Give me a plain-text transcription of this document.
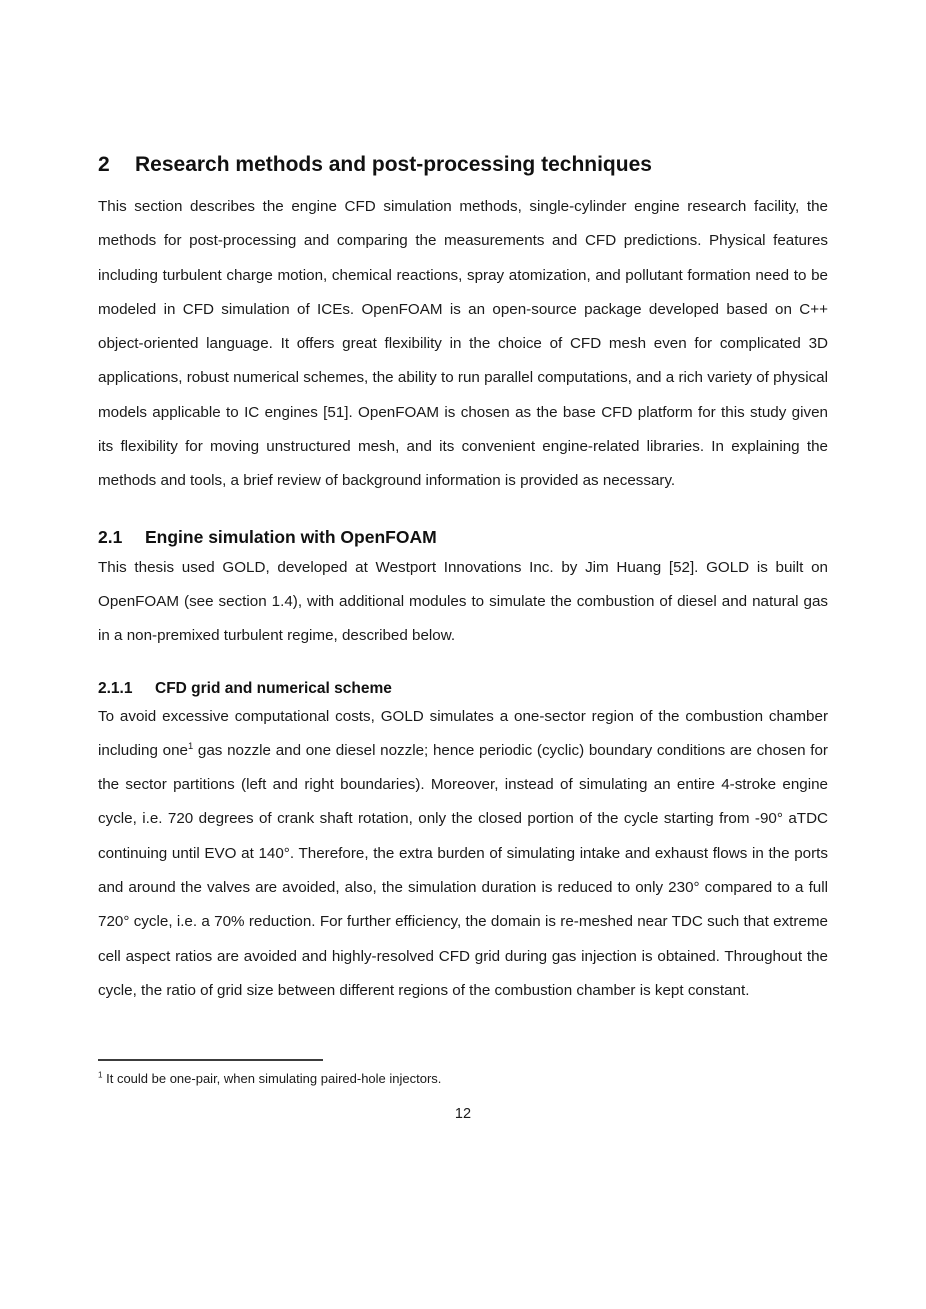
2 Research methods and post-processing techniques

This section describes the engine CFD simulation methods, single-cylinder engine research facility, the methods for post-processing and comparing the measurements and CFD predictions. Physical features including turbulent charge motion, chemical reactions, spray atomization, and pollutant formation need to be modeled in CFD simulation of ICEs. OpenFOAM is an open-source package developed based on C++ object-oriented language. It offers great flexibility in the choice of CFD mesh even for complicated 3D applications, robust numerical schemes, the ability to run parallel computations, and a rich variety of physical models applicable to IC engines [51]. OpenFOAM is chosen as the base CFD platform for this study given its flexibility for moving unstructured mesh, and its convenient engine-related libraries. In explaining the methods and tools, a brief review of background information is provided as necessary.

2.1 Engine simulation with OpenFOAM

This thesis used GOLD, developed at Westport Innovations Inc. by Jim Huang [52]. GOLD is built on OpenFOAM (see section 1.4), with additional modules to simulate the combustion of diesel and natural gas in a non-premixed turbulent regime, described below.

2.1.1 CFD grid and numerical scheme

To avoid excessive computational costs, GOLD simulates a one-sector region of the combustion chamber including one$^1$ gas nozzle and one diesel nozzle; hence periodic (cyclic) boundary conditions are chosen for the sector partitions (left and right boundaries). Moreover, instead of simulating an entire 4-stroke engine cycle, i.e. 720 degrees of crank shaft rotation, only the closed portion of the cycle starting from -90° aTDC continuing until EVO at 140°. Therefore, the extra burden of simulating intake and exhaust flows in the ports and around the valves are avoided, also, the simulation duration is reduced to only 230° compared to a full 720° cycle, i.e. a 70% reduction. For further efficiency, the domain is re-meshed near TDC such that extreme cell aspect ratios are avoided and highly-resolved CFD grid during gas injection is obtained. Throughout the cycle, the ratio of grid size between different regions of the combustion chamber is kept constant.

$^1$ It could be one-pair, when simulating paired-hole injectors.

12
